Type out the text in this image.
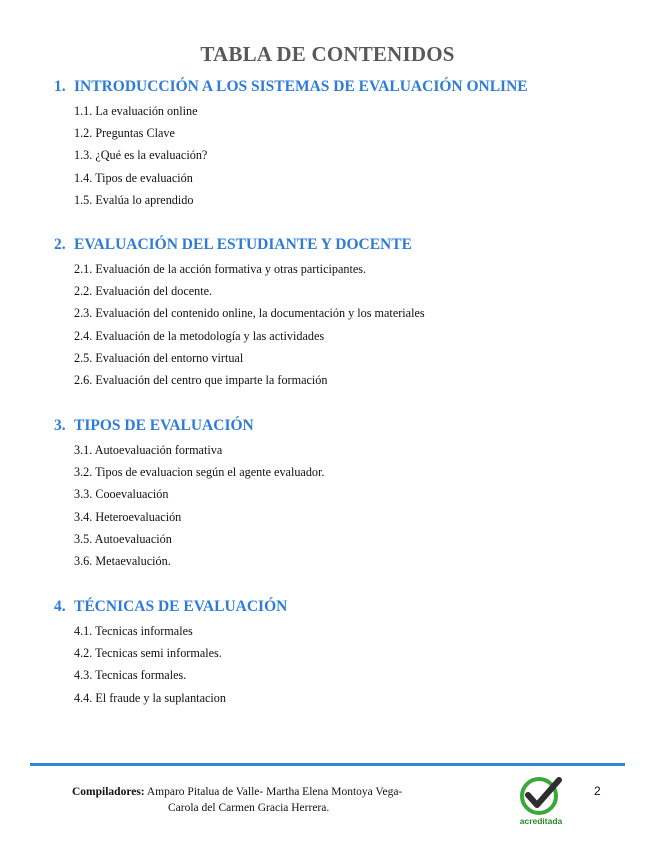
TABLA DE CONTENIDOS
1. INTRODUCCIÓN A LOS SISTEMAS DE EVALUACIÓN ONLINE
1.1. La evaluación online
1.2. Preguntas Clave
1.3. ¿Qué es la evaluación?
1.4. Tipos de evaluación
1.5. Evalúa lo aprendido
2. EVALUACIÓN DEL ESTUDIANTE Y DOCENTE
2.1. Evaluación de la acción formativa y otras participantes.
2.2. Evaluación del docente.
2.3. Evaluación del contenido online, la documentación y los materiales
2.4. Evaluación de la metodología y las actividades
2.5. Evaluación del entorno virtual
2.6. Evaluación del centro que imparte la formación
3. TIPOS DE EVALUACIÓN
3.1. Autoevaluación formativa
3.2. Tipos de evaluacion según el agente evaluador.
3.3. Cooevaluación
3.4. Heteroevaluación
3.5. Autoevaluación
3.6. Metaevalución.
4. TÉCNICAS DE EVALUACIÓN
4.1. Tecnicas informales
4.2. Tecnicas semi informales.
4.3. Tecnicas formales.
4.4. El fraude y la suplantacion
Compiladores: Amparo Pitalua de Valle- Martha Elena Montoya Vega-
Carola del Carmen Gracia Herrera.
acreditada
2
